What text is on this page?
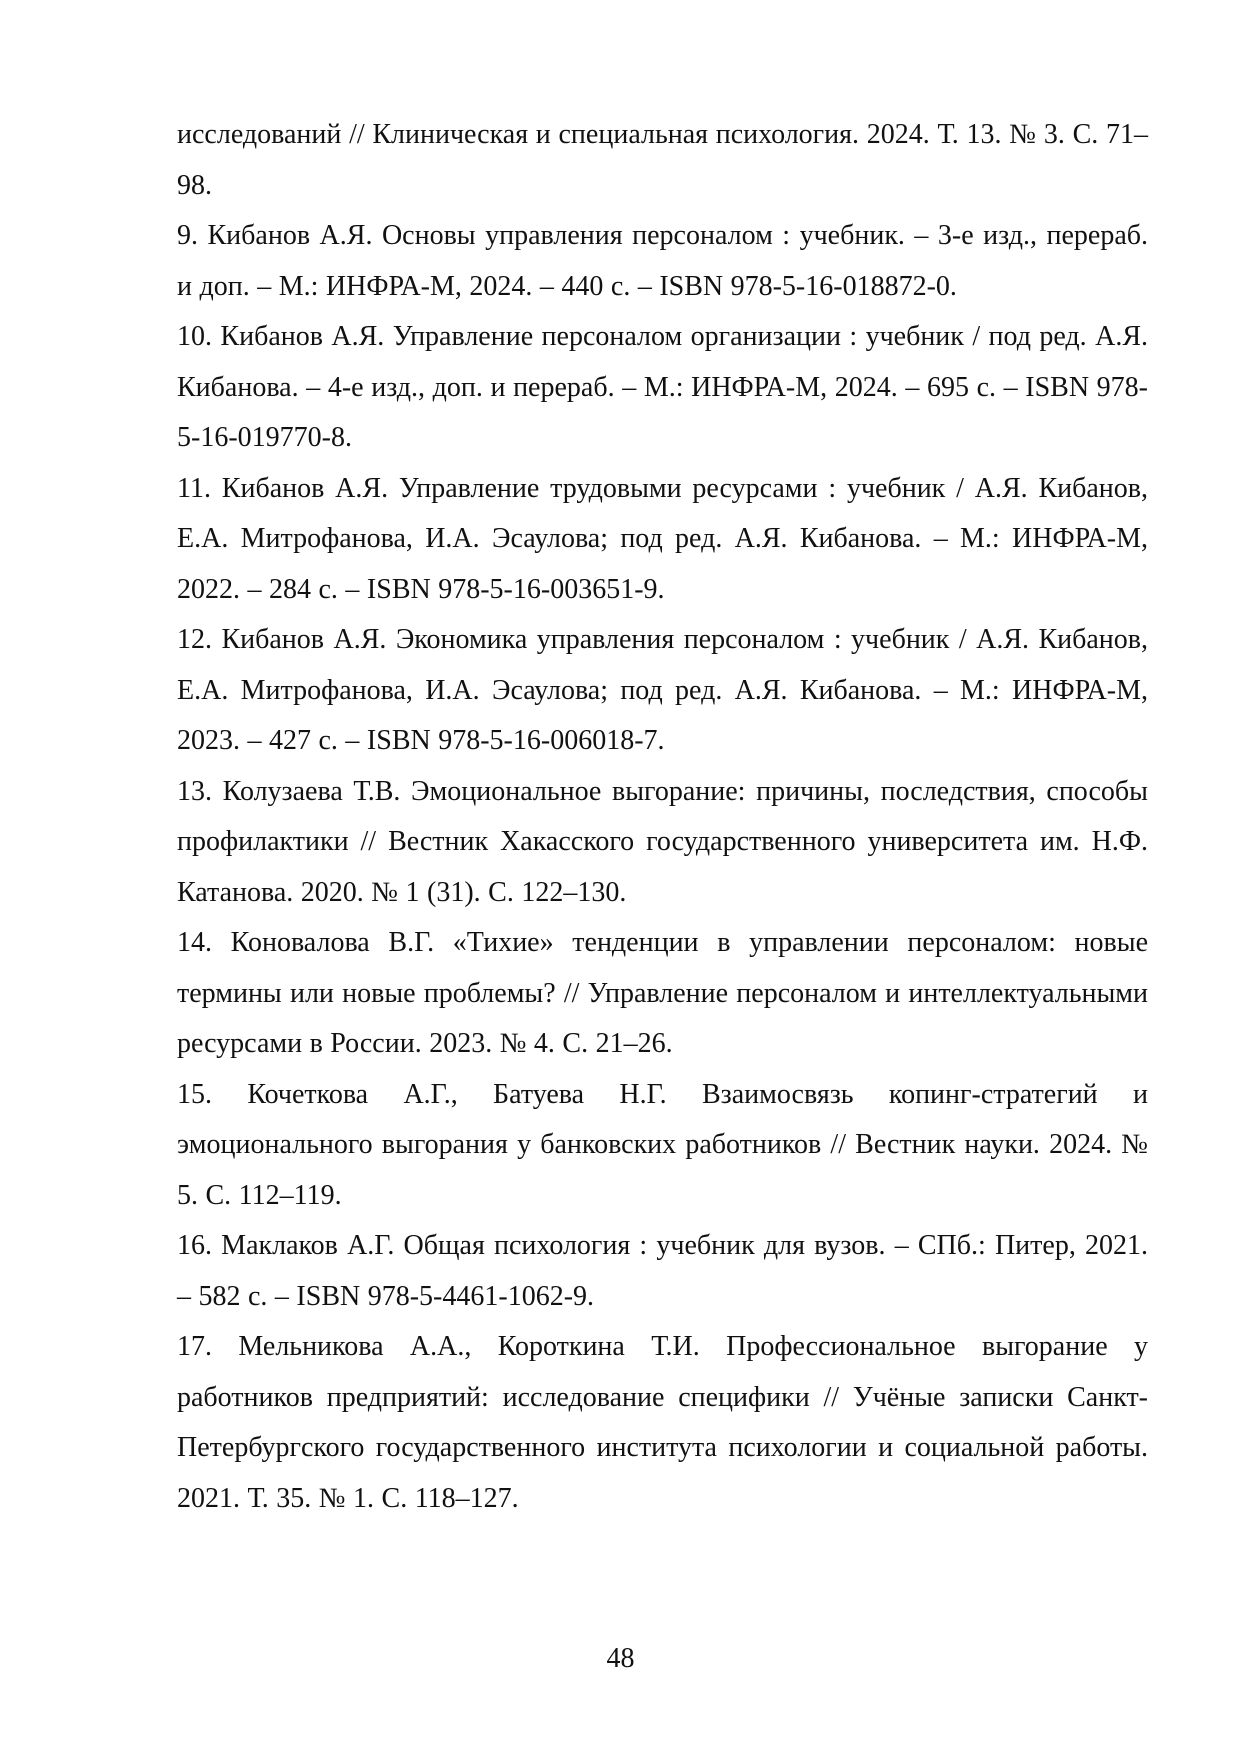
исследований // Клиническая и специальная психология. 2024. Т. 13. № 3. С. 71–98.

9. Кибанов А.Я. Основы управления персоналом : учебник. – 3-е изд., перераб. и доп. – М.: ИНФРА-М, 2024. – 440 с. – ISBN 978-5-16-018872-0.

10. Кибанов А.Я. Управление персоналом организации : учебник / под ред. А.Я. Кибанова. – 4-е изд., доп. и перераб. – М.: ИНФРА-М, 2024. – 695 с. – ISBN 978-5-16-019770-8.

11. Кибанов А.Я. Управление трудовыми ресурсами : учебник / А.Я. Кибанов, Е.А. Митрофанова, И.А. Эсаулова; под ред. А.Я. Кибанова. – М.: ИНФРА-М, 2022. – 284 с. – ISBN 978-5-16-003651-9.

12. Кибанов А.Я. Экономика управления персоналом : учебник / А.Я. Кибанов, Е.А. Митрофанова, И.А. Эсаулова; под ред. А.Я. Кибанова. – М.: ИНФРА-М, 2023. – 427 с. – ISBN 978-5-16-006018-7.

13. Колузаева Т.В. Эмоциональное выгорание: причины, последствия, способы профилактики // Вестник Хакасского государственного университета им. Н.Ф. Катанова. 2020. № 1 (31). С. 122–130.

14. Коновалова В.Г. «Тихие» тенденции в управлении персоналом: новые термины или новые проблемы? // Управление персоналом и интеллектуальными ресурсами в России. 2023. № 4. С. 21–26.

15. Кочеткова А.Г., Батуева Н.Г. Взаимосвязь копинг-стратегий и эмоционального выгорания у банковских работников // Вестник науки. 2024. № 5. С. 112–119.

16. Маклаков А.Г. Общая психология : учебник для вузов. – СПб.: Питер, 2021. – 582 с. – ISBN 978-5-4461-1062-9.

17. Мельникова А.А., Короткина Т.И. Профессиональное выгорание у работников предприятий: исследование специфики // Учёные записки Санкт-Петербургского государственного института психологии и социальной работы. 2021. Т. 35. № 1. С. 118–127.

48
